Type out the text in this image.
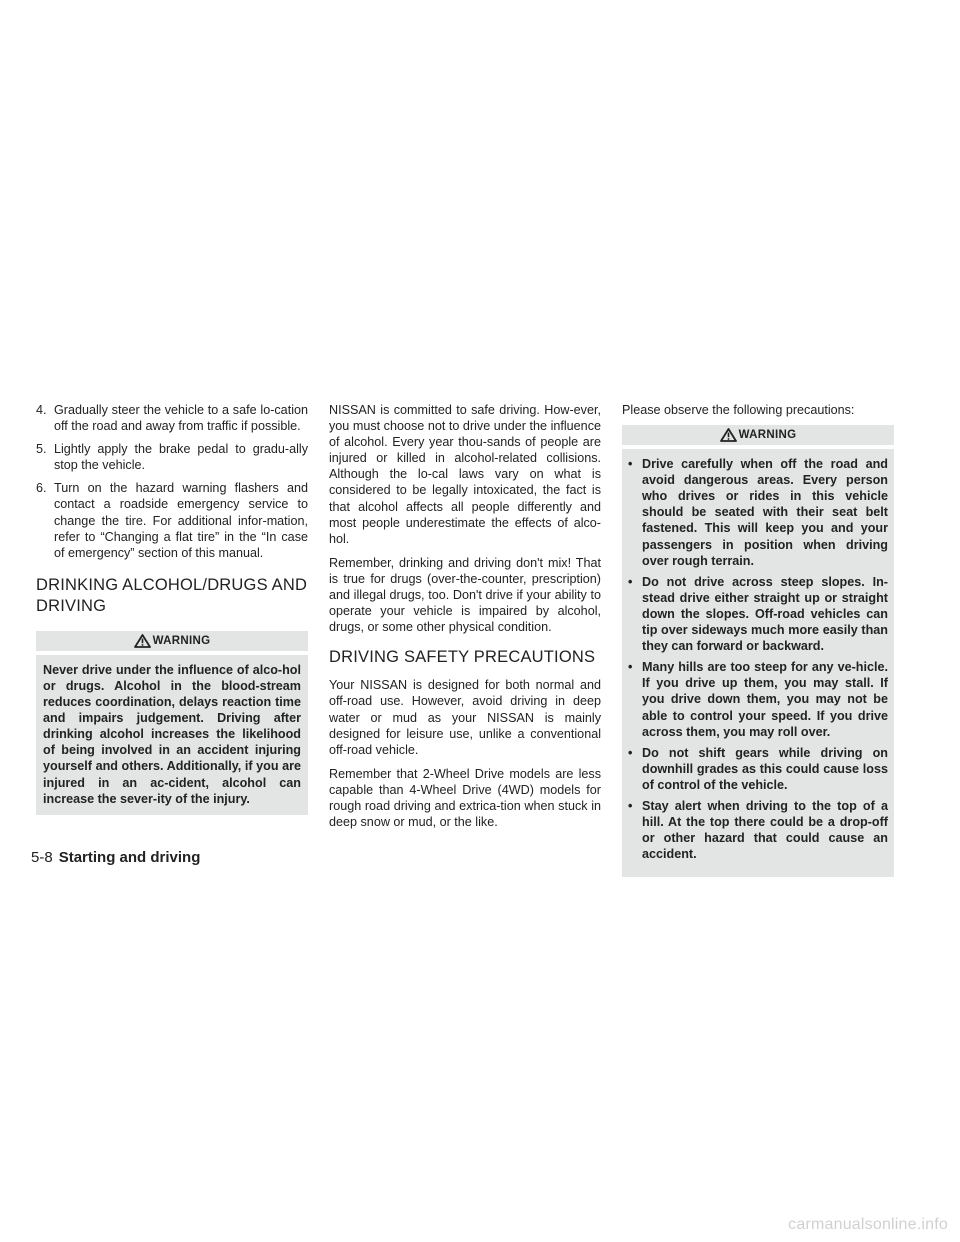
4. Gradually steer the vehicle to a safe lo-cation off the road and away from traffic if possible.
5. Lightly apply the brake pedal to gradu-ally stop the vehicle.
6. Turn on the hazard warning flashers and contact a roadside emergency service to change the tire. For additional infor-mation, refer to “Changing a flat tire” in the “In case of emergency” section of this manual.
DRINKING ALCOHOL/DRUGS AND
DRIVING
WARNING

Never drive under the influence of alco-hol or drugs. Alcohol in the blood-stream reduces coordination, delays reaction time and impairs judgement. Driving after drinking alcohol increases the likelihood of being involved in an accident injuring yourself and others. Additionally, if you are injured in an ac-cident, alcohol can increase the sever-ity of the injury.

NISSAN is committed to safe driving. How-ever, you must choose not to drive under the influence of alcohol. Every year thou-sands of people are injured or killed in alcohol-related collisions. Although the lo-cal laws vary on what is considered to be legally intoxicated, the fact is that alcohol affects all people differently and most people underestimate the effects of alco-hol.

Remember, drinking and driving don't mix! That is true for drugs (over-the-counter, prescription) and illegal drugs, too. Don't drive if your ability to operate your vehicle is impaired by alcohol, drugs, or some other physical condition.

DRIVING SAFETY PRECAUTIONS

Your NISSAN is designed for both normal and off-road use. However, avoid driving in deep water or mud as your NISSAN is mainly designed for leisure use, unlike a conventional off-road vehicle.

Remember that 2-Wheel Drive models are less capable than 4-Wheel Drive (4WD) models for rough road driving and extrica-tion when stuck in deep snow or mud, or the like.

Please observe the following precautions:

WARNING
• Drive carefully when off the road and avoid dangerous areas. Every person who drives or rides in this vehicle should be seated with their seat belt fastened. This will keep you and your passengers in position when driving over rough terrain.
• Do not drive across steep slopes. In-stead drive either straight up or straight down the slopes. Off-road vehicles can tip over sideways much more easily than they can forward or backward.
• Many hills are too steep for any ve-hicle. If you drive up them, you may stall. If you drive down them, you may not be able to control your speed. If you drive across them, you may roll over.
• Do not shift gears while driving on downhill grades as this could cause loss of control of the vehicle.
• Stay alert when driving to the top of a hill. At the top there could be a drop-off or other hazard that could cause an accident.
5-8 Starting and driving
carmanualsonline.info
